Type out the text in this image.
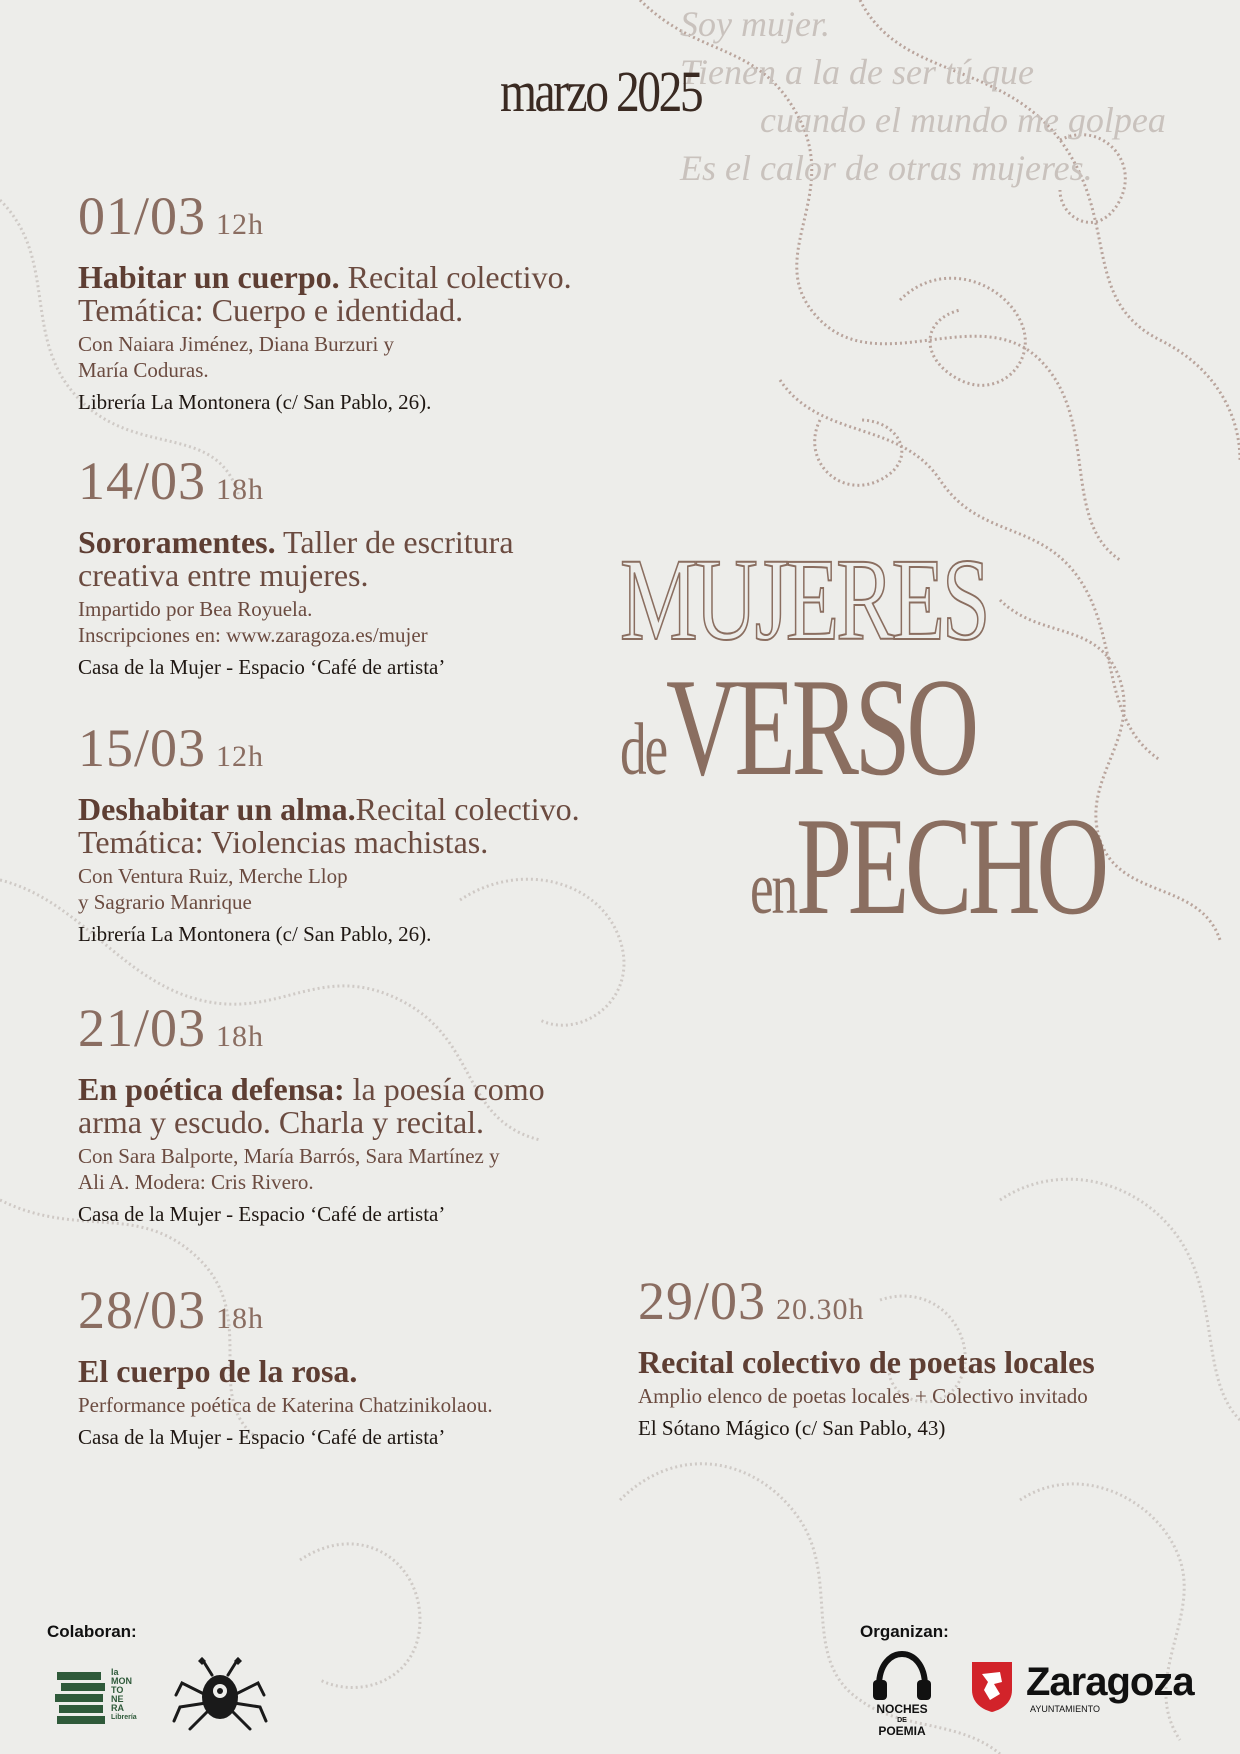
Soy mujer.
Tienen a la de ser tú que
cuando el mundo me golpea
Es el calor de otras mujeres.
marzo 2025
01/03 12h
Habitar un cuerpo. Recital colectivo.
Temática: Cuerpo e identidad.
Con Naiara Jiménez, Diana Burzuri y
María Coduras.
Librería La Montonera (c/ San Pablo, 26).
14/03 18h
Sororamentes. Taller de escritura
creativa entre mujeres.
Impartido por Bea Royuela.
Inscripciones en: www.zaragoza.es/mujer
Casa de la Mujer - Espacio ‘Café de artista’
15/03 12h
Deshabitar un alma.Recital colectivo.
Temática: Violencias machistas.
Con Ventura Ruiz, Merche Llop
y Sagrario Manrique
Librería La Montonera (c/ San Pablo, 26).
21/03 18h
En poética defensa: la poesía como
arma y escudo. Charla y recital.
Con Sara Balporte, María Barrós, Sara Martínez y
Ali A. Modera: Cris Rivero.
Casa de la Mujer - Espacio ‘Café de artista’
28/03 18h
El cuerpo de la rosa.
Performance poética de Katerina Chatzinikolaou.
Casa de la Mujer - Espacio ‘Café de artista’
29/03 20.30h
Recital colectivo de poetas locales
Amplio elenco de poetas locales + Colectivo invitado
El Sótano Mágico (c/ San Pablo, 43)
MUJERES
deVERSO
enPECHO
Colaboran:	Organizan:
la
MON
TO
NE
RA
Librería
NOCHES
DE
POEMIA
Zaragoza
AYUNTAMIENTO
